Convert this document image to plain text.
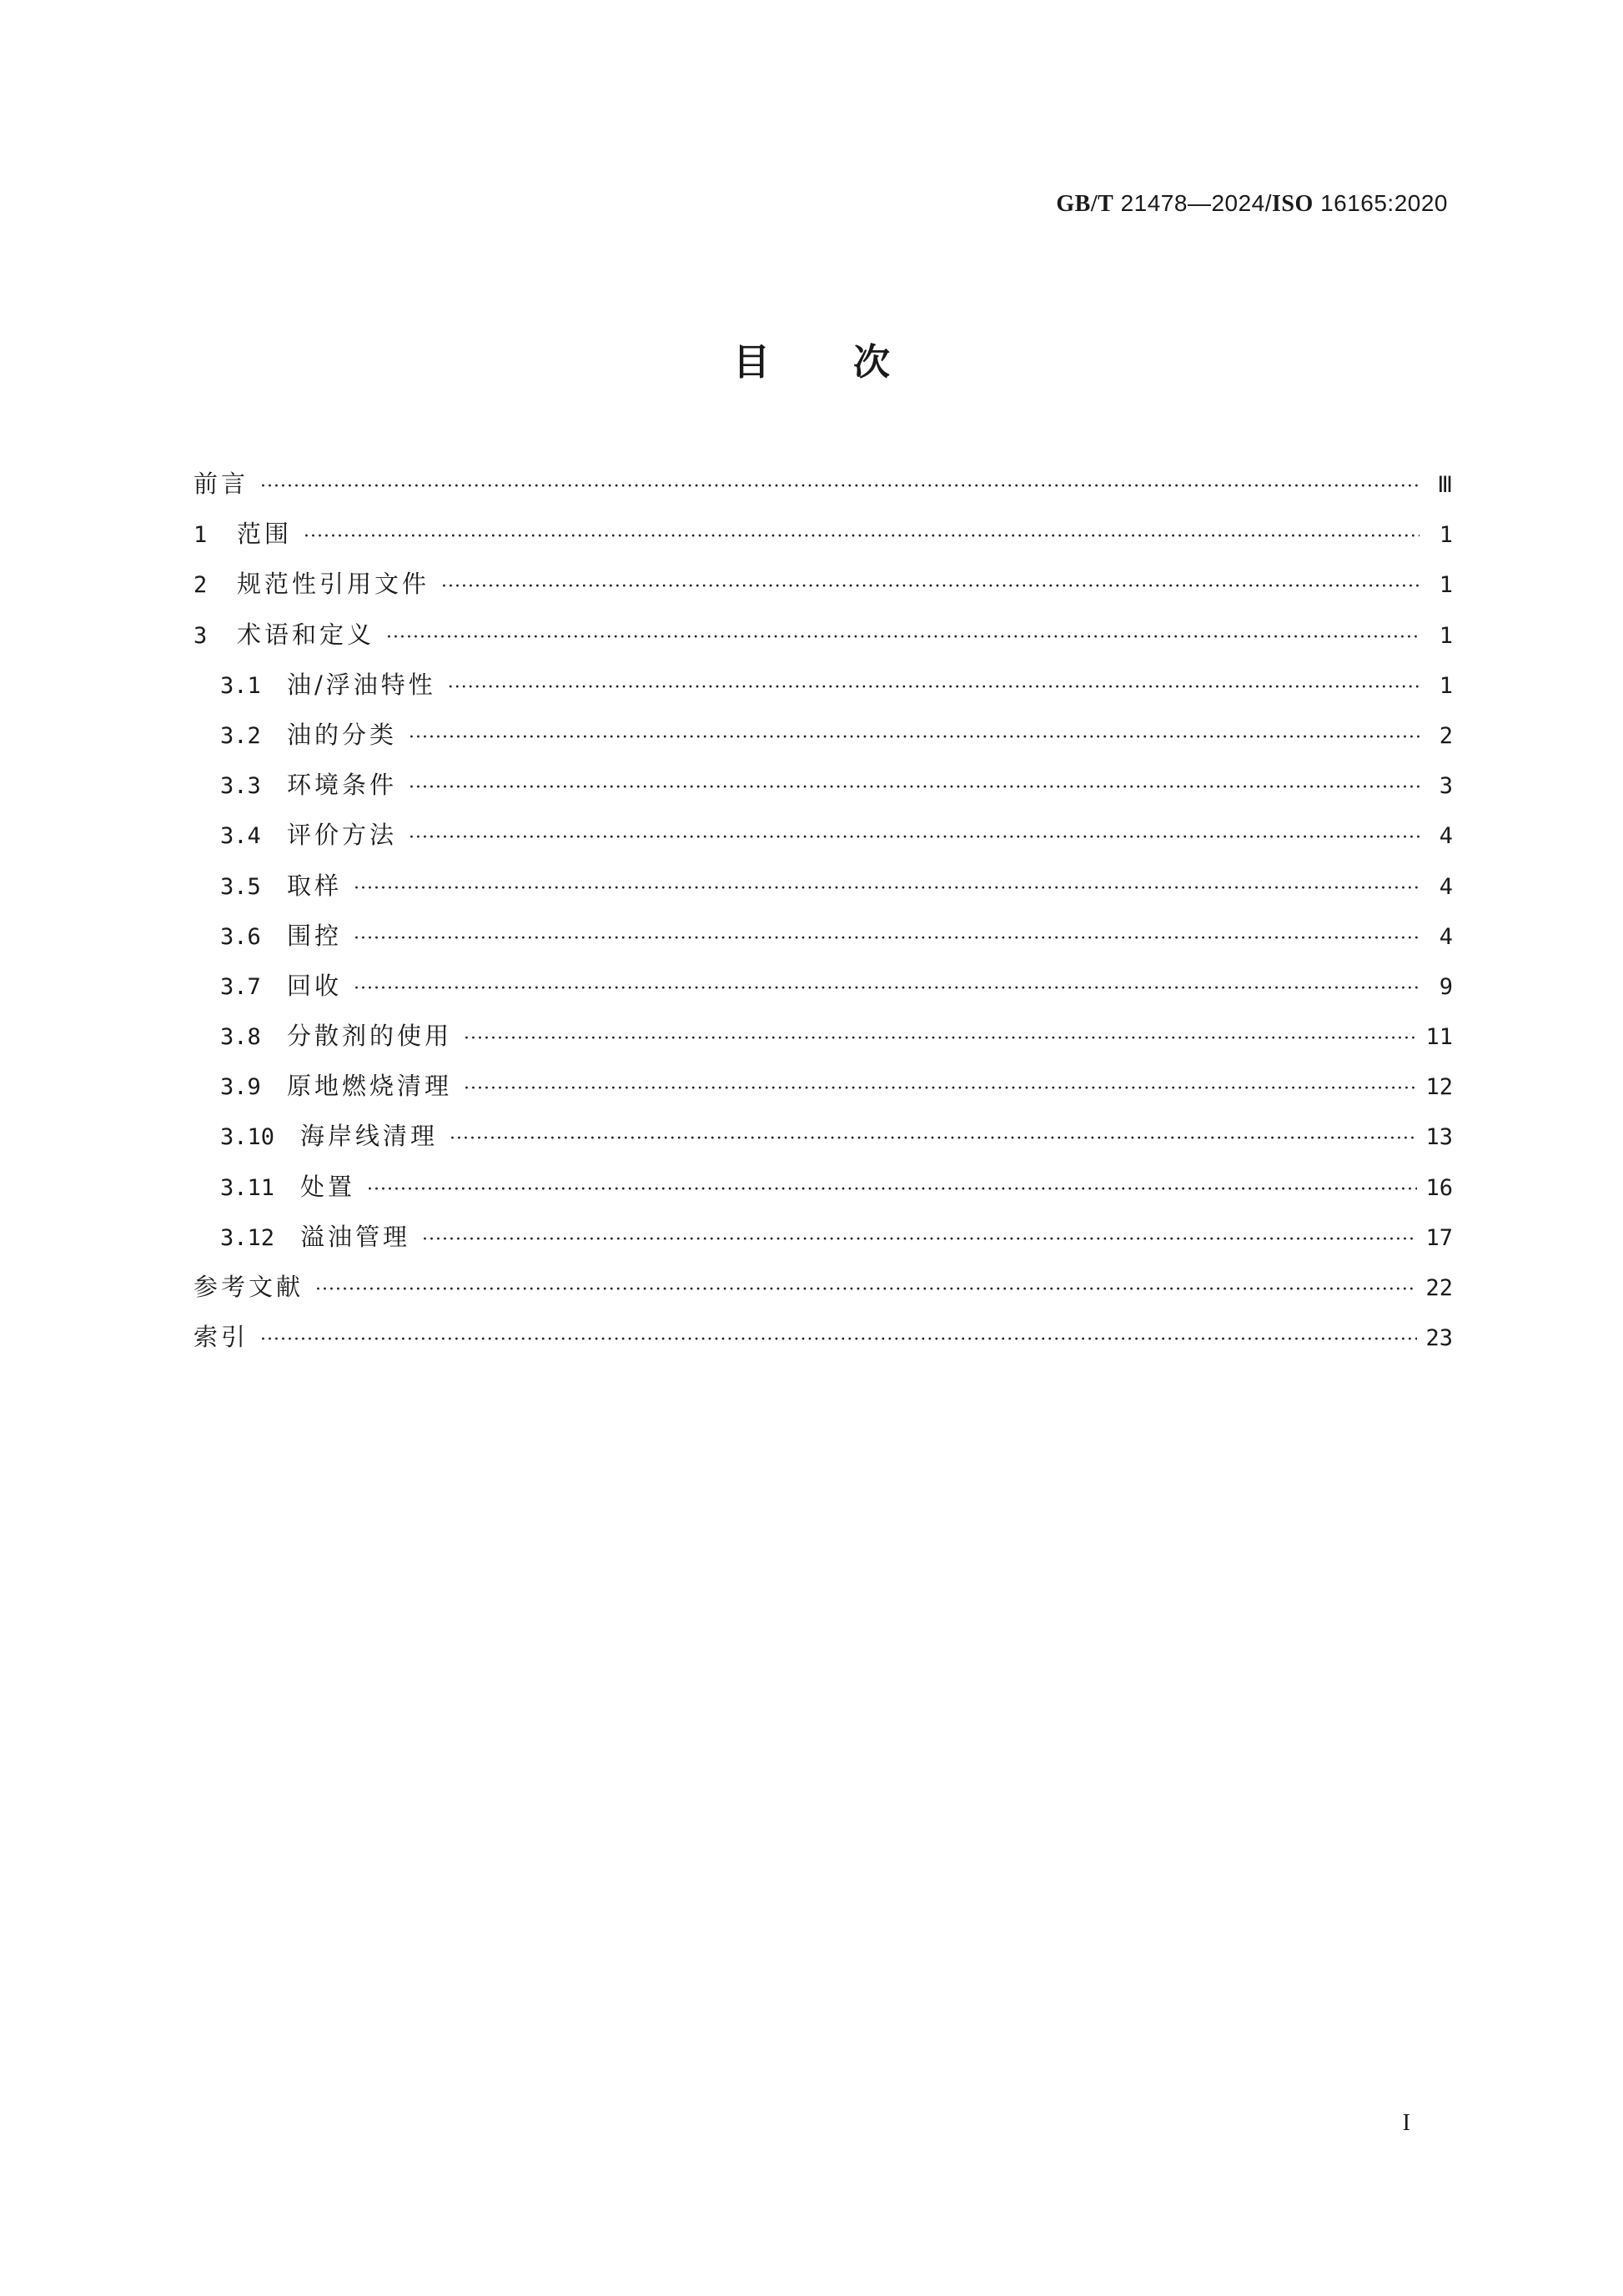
GB/T 21478—2024/ISO 16165:2020
目次
前言 ·····	Ⅲ
1	范围 ·····	1
2	规范性引用文件 ·····	1
3	术语和定义 ·····	1
3.1	油/浮油特性 ·····	1
3.2	油的分类 ·····	2
3.3	环境条件 ·····	3
3.4	评价方法 ·····	4
3.5	取样 ·····	4
3.6	围控 ·····	4
3.7	回收 ·····	9
3.8	分散剂的使用 ·····	11
3.9	原地燃烧清理 ·····	12
3.10	海岸线清理 ·····	13
3.11	处置 ·····	16
3.12	溢油管理 ·····	17
参考文献 ·····	22
索引 ·····	23
I
